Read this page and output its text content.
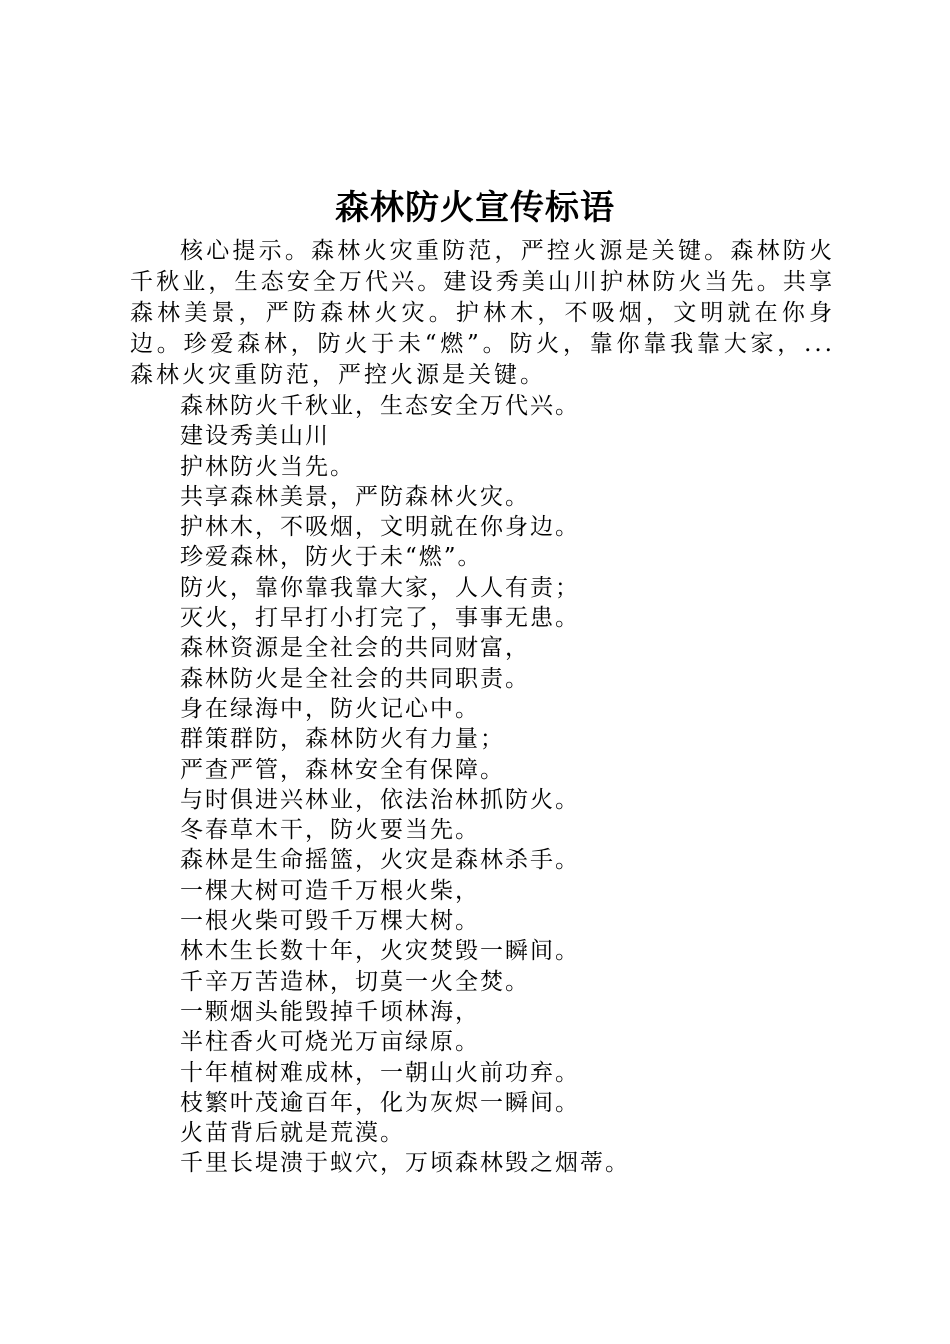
森林防火宣传标语

核心提示。森林火灾重防范，严控火源是关键。森林防火千秋业，生态安全万代兴。建设秀美山川护林防火当先。共享森林美景，严防森林火灾。护林木，不吸烟，文明就在你身边。珍爱森林，防火于未“燃”。防火，靠你靠我靠大家，...森林火灾重防范，严控火源是关键。

森林防火千秋业，生态安全万代兴。
建设秀美山川
护林防火当先。
共享森林美景，严防森林火灾。
护林木，不吸烟，文明就在你身边。
珍爱森林，防火于未“燃”。
防火，靠你靠我靠大家，人人有责；
灭火，打早打小打完了，事事无患。
森林资源是全社会的共同财富，
森林防火是全社会的共同职责。
身在绿海中，防火记心中。
群策群防，森林防火有力量；
严查严管，森林安全有保障。
与时俱进兴林业，依法治林抓防火。
冬春草木干，防火要当先。
森林是生命摇篮，火灾是森林杀手。
一棵大树可造千万根火柴，
一根火柴可毁千万棵大树。
林木生长数十年，火灾焚毁一瞬间。
千辛万苦造林，切莫一火全焚。
一颗烟头能毁掉千顷林海，
半柱香火可烧光万亩绿原。
十年植树难成林，一朝山火前功弃。
枝繁叶茂逾百年，化为灰烬一瞬间。
火苗背后就是荒漠。
千里长堤溃于蚁穴，万顷森林毁之烟蒂。
